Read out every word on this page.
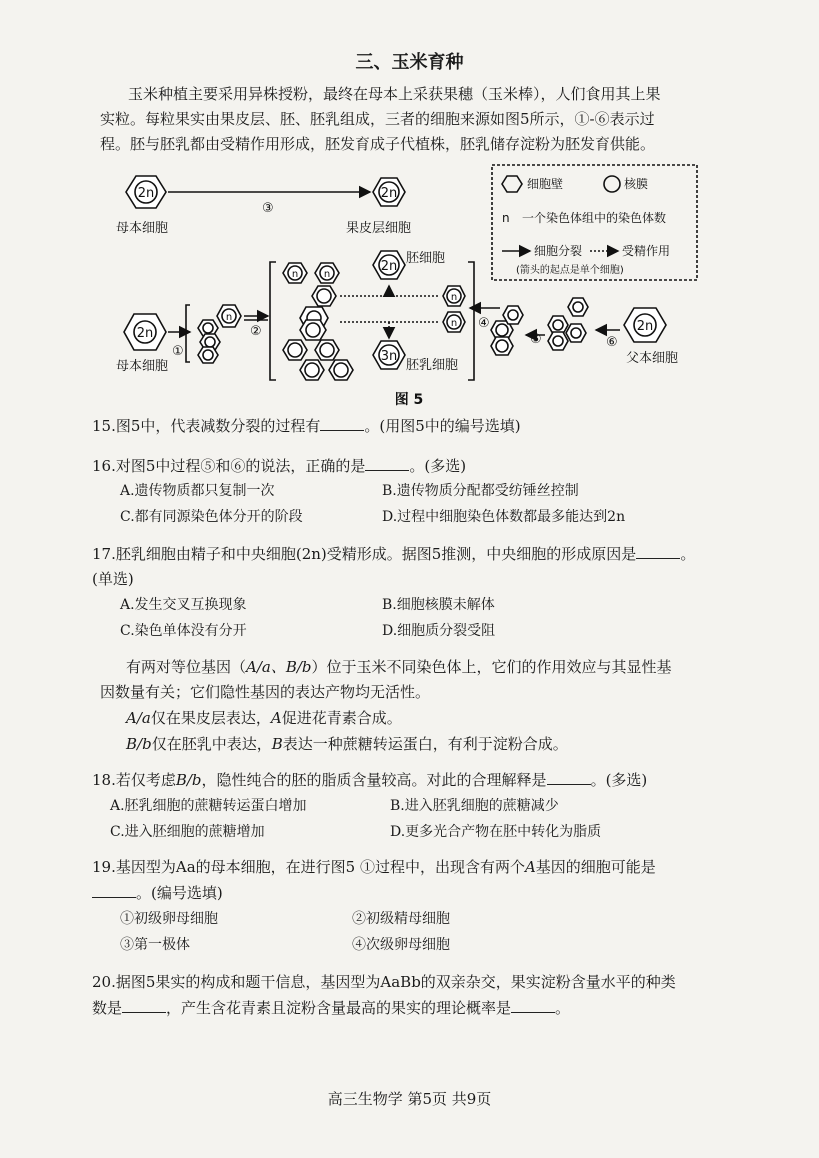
三、玉米育种
玉米种植主要采用异株授粉，最终在母本上采获果穗（玉米棒），人们食用其上果
实粒。每粒果实由果皮层、胚、胚乳组成，三者的细胞来源如图5所示，①-⑥表示过
程。胚与胚乳都由受精作用形成，胚发育成子代植株，胚乳储存淀粉为胚发育供能。
2n	2n
2n	2n
2n
3n
n
n	n
n
n
③
①
②
④
⑤	⑥
母本细胞	果皮层细胞
胚细胞
胚乳细胞
母本细胞
父本细胞
细胞壁	核膜
n 一个染色体组中的染色体数
细胞分裂	受精作用
(箭头的起点是单个细胞)
图 5
15.图5中，代表减数分裂的过程有	。(用图5中的编号选填)
16.对图5中过程⑤和⑥的说法，正确的是	。(多选)
A.遗传物质都只复制一次	B.遗传物质分配都受纺锤丝控制
C.都有同源染色体分开的阶段	D.过程中细胞染色体数都最多能达到2n
17.胚乳细胞由精子和中央细胞(2n)受精形成。据图5推测，中央细胞的形成原因是	。
(单选)
A.发生交叉互换现象	B.细胞核膜未解体
C.染色单体没有分开	D.细胞质分裂受阻
有两对等位基因（A/a、B/b）位于玉米不同染色体上，它们的作用效应与其显性基
因数量有关；它们隐性基因的表达产物均无活性。
A/a仅在果皮层表达，A促进花青素合成。
B/b仅在胚乳中表达，B表达一种蔗糖转运蛋白，有利于淀粉合成。
18.若仅考虑B/b，隐性纯合的胚的脂质含量较高。对此的合理解释是	。(多选)
A.胚乳细胞的蔗糖转运蛋白增加	B.进入胚乳细胞的蔗糖减少
C.进入胚细胞的蔗糖增加	D.更多光合产物在胚中转化为脂质
19.基因型为Aa的母本细胞，在进行图5 ①过程中，出现含有两个A基因的细胞可能是
。(编号选填)
①初级卵母细胞	②初级精母细胞
③第一极体	④次级卵母细胞
20.据图5果实的构成和题干信息，基因型为AaBb的双亲杂交，果实淀粉含量水平的种类
数是	，产生含花青素且淀粉含量最高的果实的理论概率是	。
高三生物学 第5页 共9页
